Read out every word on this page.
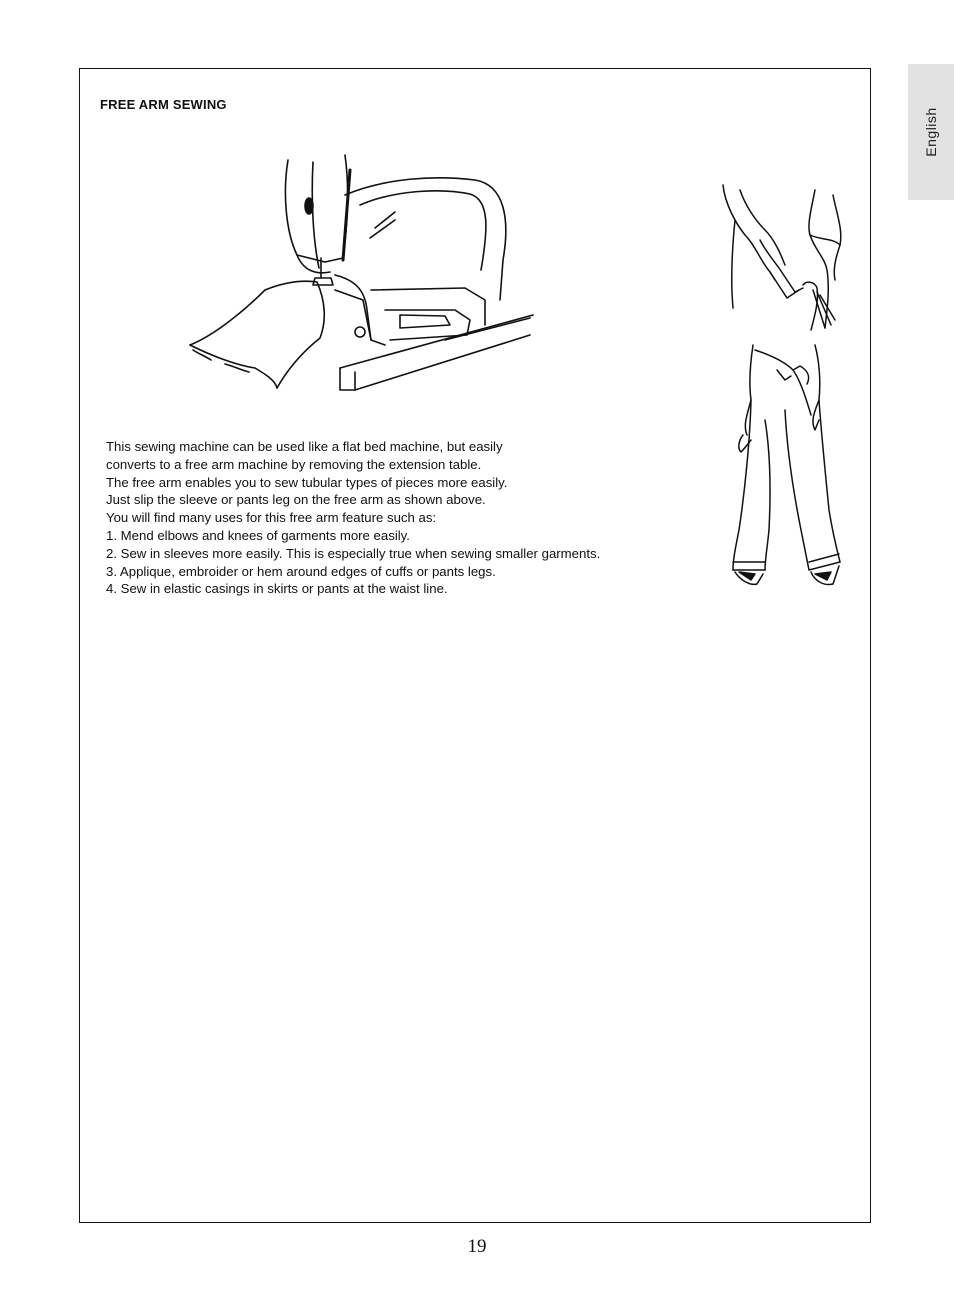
English
FREE ARM SEWING

This sewing machine can be used like a flat bed machine, but easily

converts to a free arm machine by removing the extension table.

The free arm enables you to sew tubular types of pieces more easily.

Just slip the sleeve or pants leg on the free arm as shown above.

You will find many uses for this free arm feature such as:

1. Mend elbows and knees of garments more easily.
2. Sew in sleeves more easily. This is especially true when sewing smaller garments.
3. Applique, embroider or hem around edges of cuffs or pants legs.
4. Sew in elastic casings in skirts or pants at the waist line.
19
